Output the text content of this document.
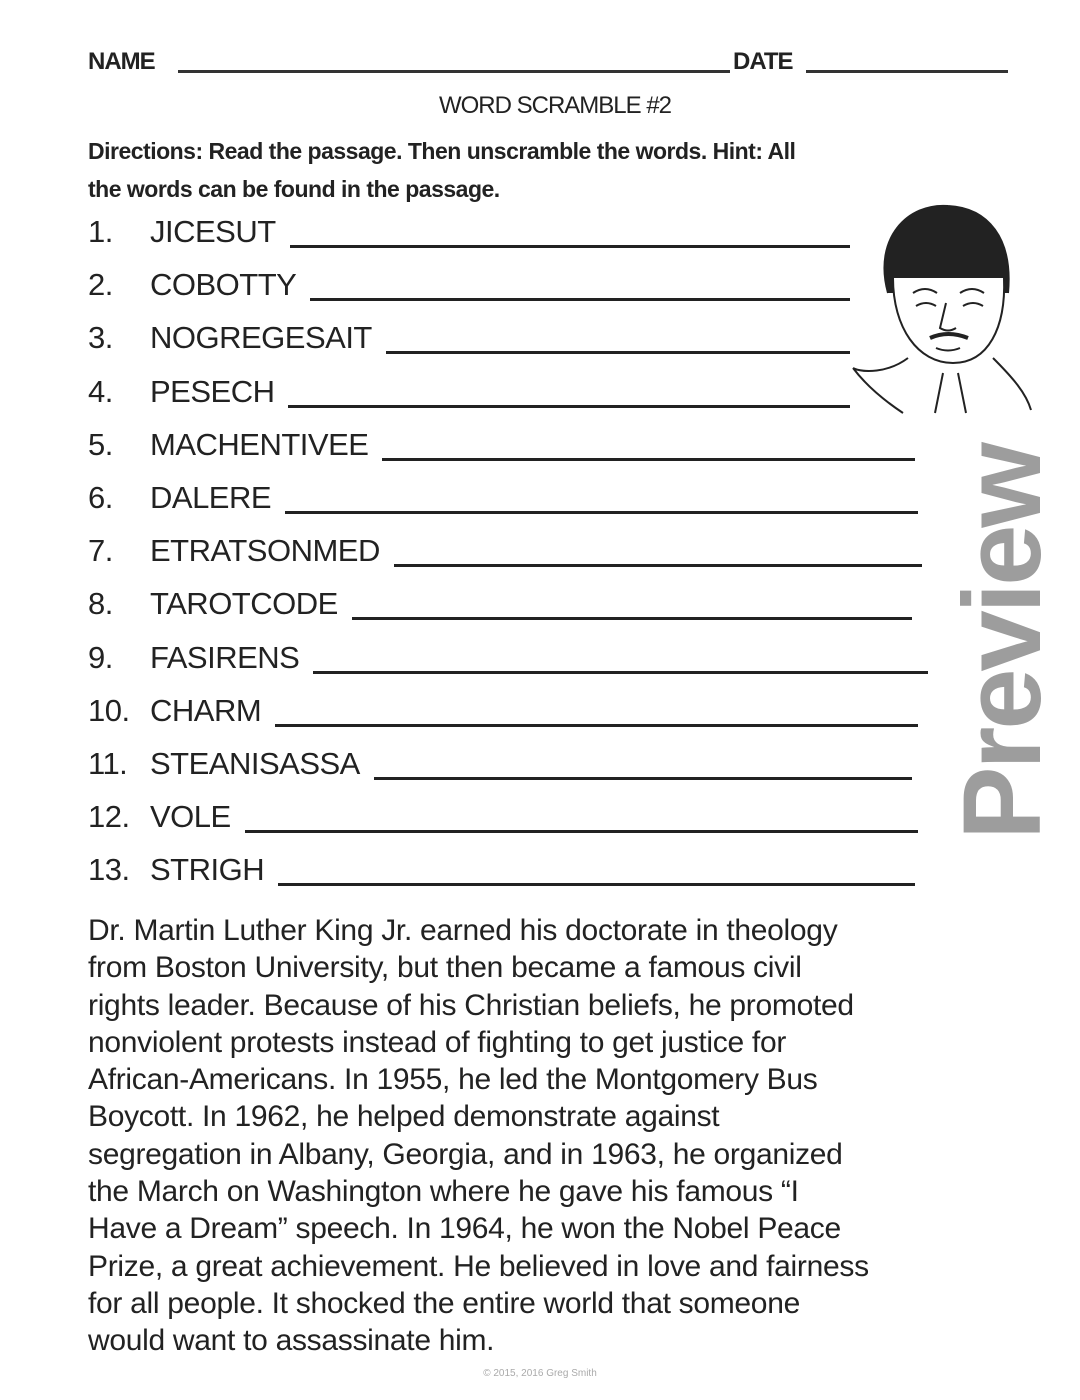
NAME	DATE
WORD SCRAMBLE #2
Directions: Read the passage. Then unscramble the words. Hint: All
the words can be found in the passage.
1. JICESUT
2. COBOTTY
3. NOGREGESAIT
4. PESECH
5. MACHENTIVEE
6. DALERE
7. ETRATSONMED
8. TAROTCODE
9. FASIRENS
10. CHARM
11. STEANISASSA
12. VOLE
13. STRIGH
Dr. Martin Luther King Jr. earned his doctorate in theology
from Boston University, but then became a famous civil
rights leader. Because of his Christian beliefs, he promoted
nonviolent protests instead of fighting to get justice for
African-Americans. In 1955, he led the Montgomery Bus
Boycott. In 1962, he helped demonstrate against
segregation in Albany, Georgia, and in 1963, he organized
the March on Washington where he gave his famous “I
Have a Dream” speech. In 1964, he won the Nobel Peace
Prize, a great achievement. He believed in love and fairness
for all people. It shocked the entire world that someone
would want to assassinate him.
Preview
© 2015, 2016 Greg Smith
